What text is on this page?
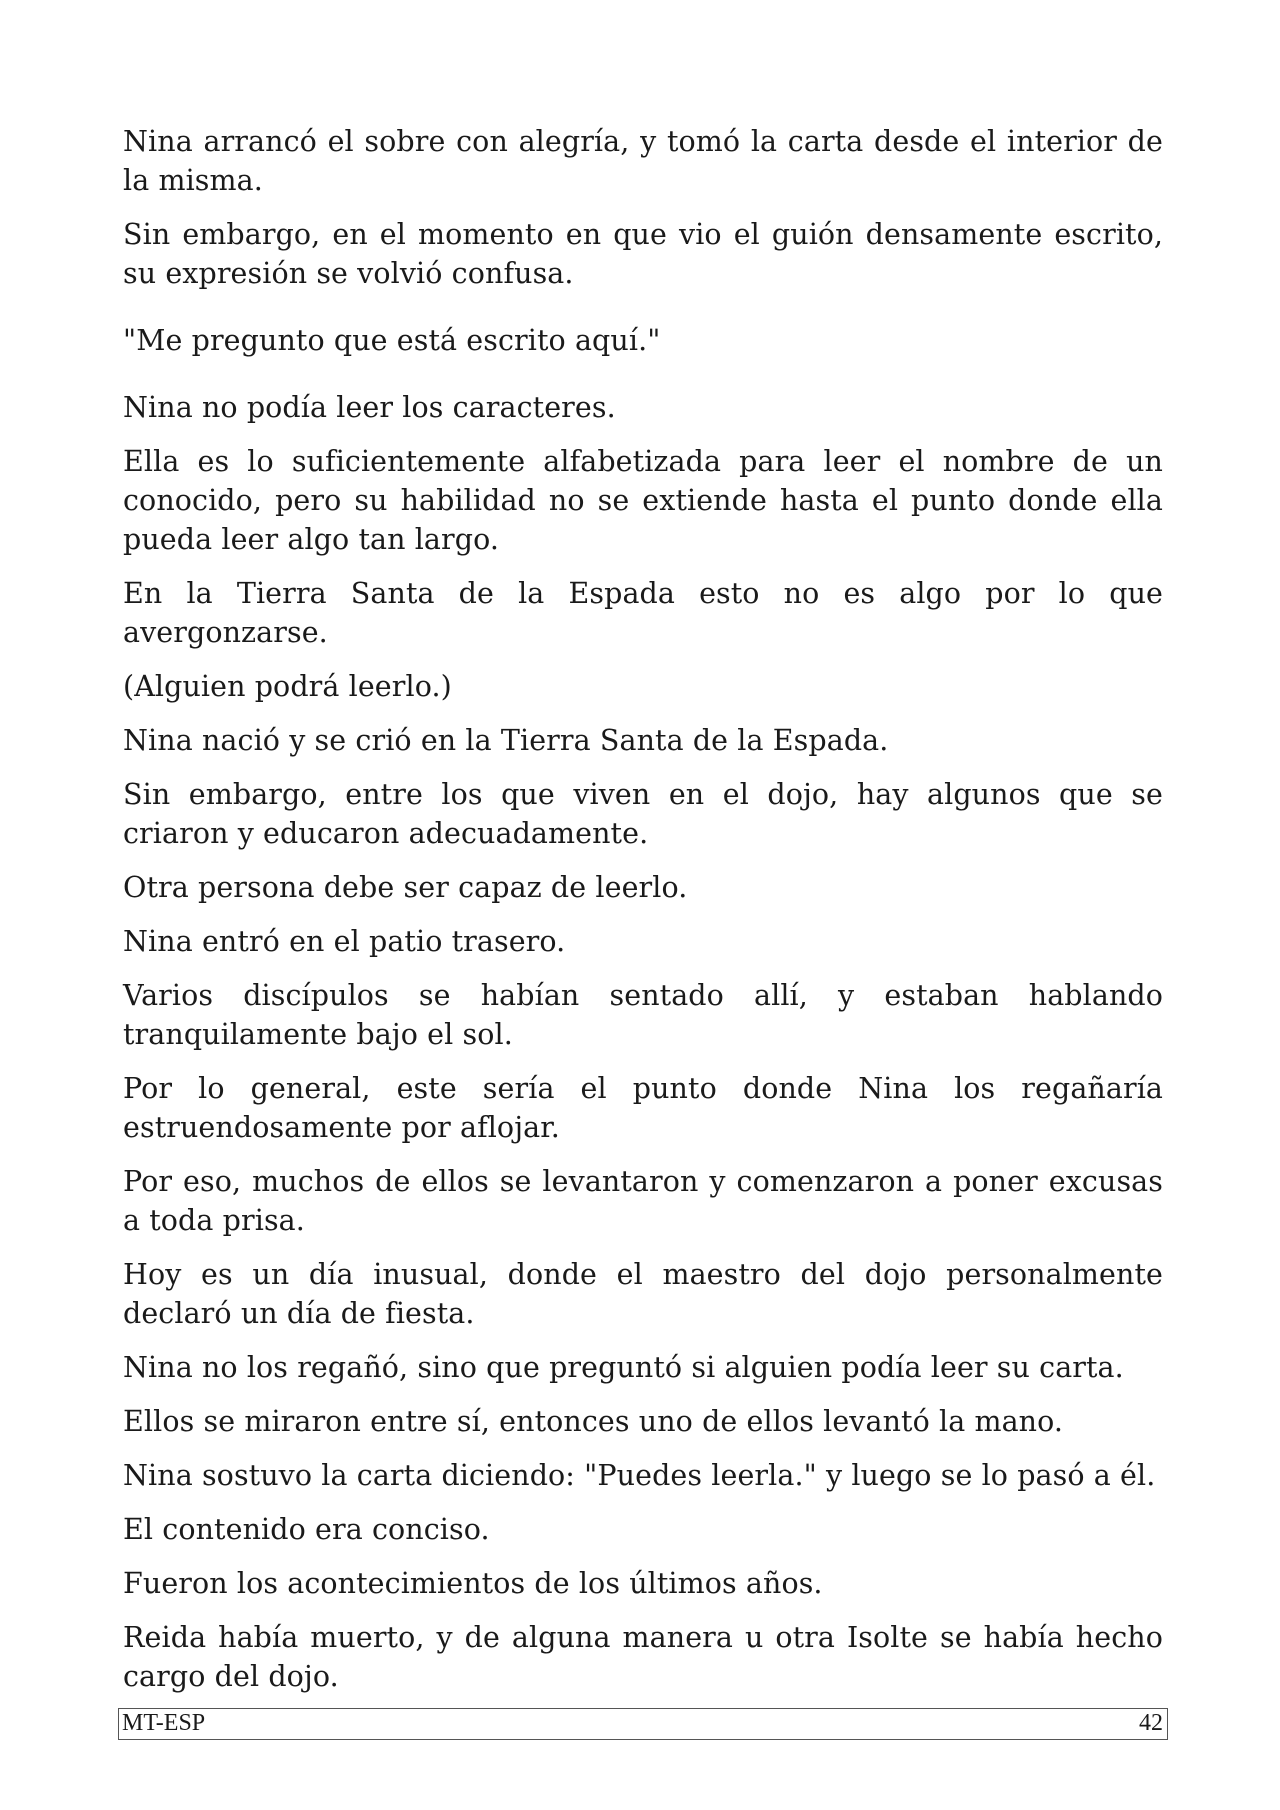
Nina arrancó el sobre con alegría, y tomó la carta desde el interior de la misma.

Sin embargo, en el momento en que vio el guión densamente escrito, su expresión se volvió confusa.

"Me pregunto que está escrito aquí."

Nina no podía leer los caracteres.

Ella es lo suficientemente alfabetizada para leer el nombre de un conocido, pero su habilidad no se extiende hasta el punto donde ella pueda leer algo tan largo.

En la Tierra Santa de la Espada esto no es algo por lo que avergonzarse.

(Alguien podrá leerlo.)

Nina nació y se crió en la Tierra Santa de la Espada.

Sin embargo, entre los que viven en el dojo, hay algunos que se criaron y educaron adecuadamente.

Otra persona debe ser capaz de leerlo.

Nina entró en el patio trasero.

Varios discípulos se habían sentado allí, y estaban hablando tranquilamente bajo el sol.

Por lo general, este sería el punto donde Nina los regañaría estruendosamente por aflojar.

Por eso, muchos de ellos se levantaron y comenzaron a poner excusas a toda prisa.

Hoy es un día inusual, donde el maestro del dojo personalmente declaró un día de fiesta.

Nina no los regañó, sino que preguntó si alguien podía leer su carta.

Ellos se miraron entre sí, entonces uno de ellos levantó la mano.

Nina sostuvo la carta diciendo: "Puedes leerla." y luego se lo pasó a él.

El contenido era conciso.

Fueron los acontecimientos de los últimos años.

Reida había muerto, y de alguna manera u otra Isolte se había hecho cargo del dojo.

MT-ESP	42
